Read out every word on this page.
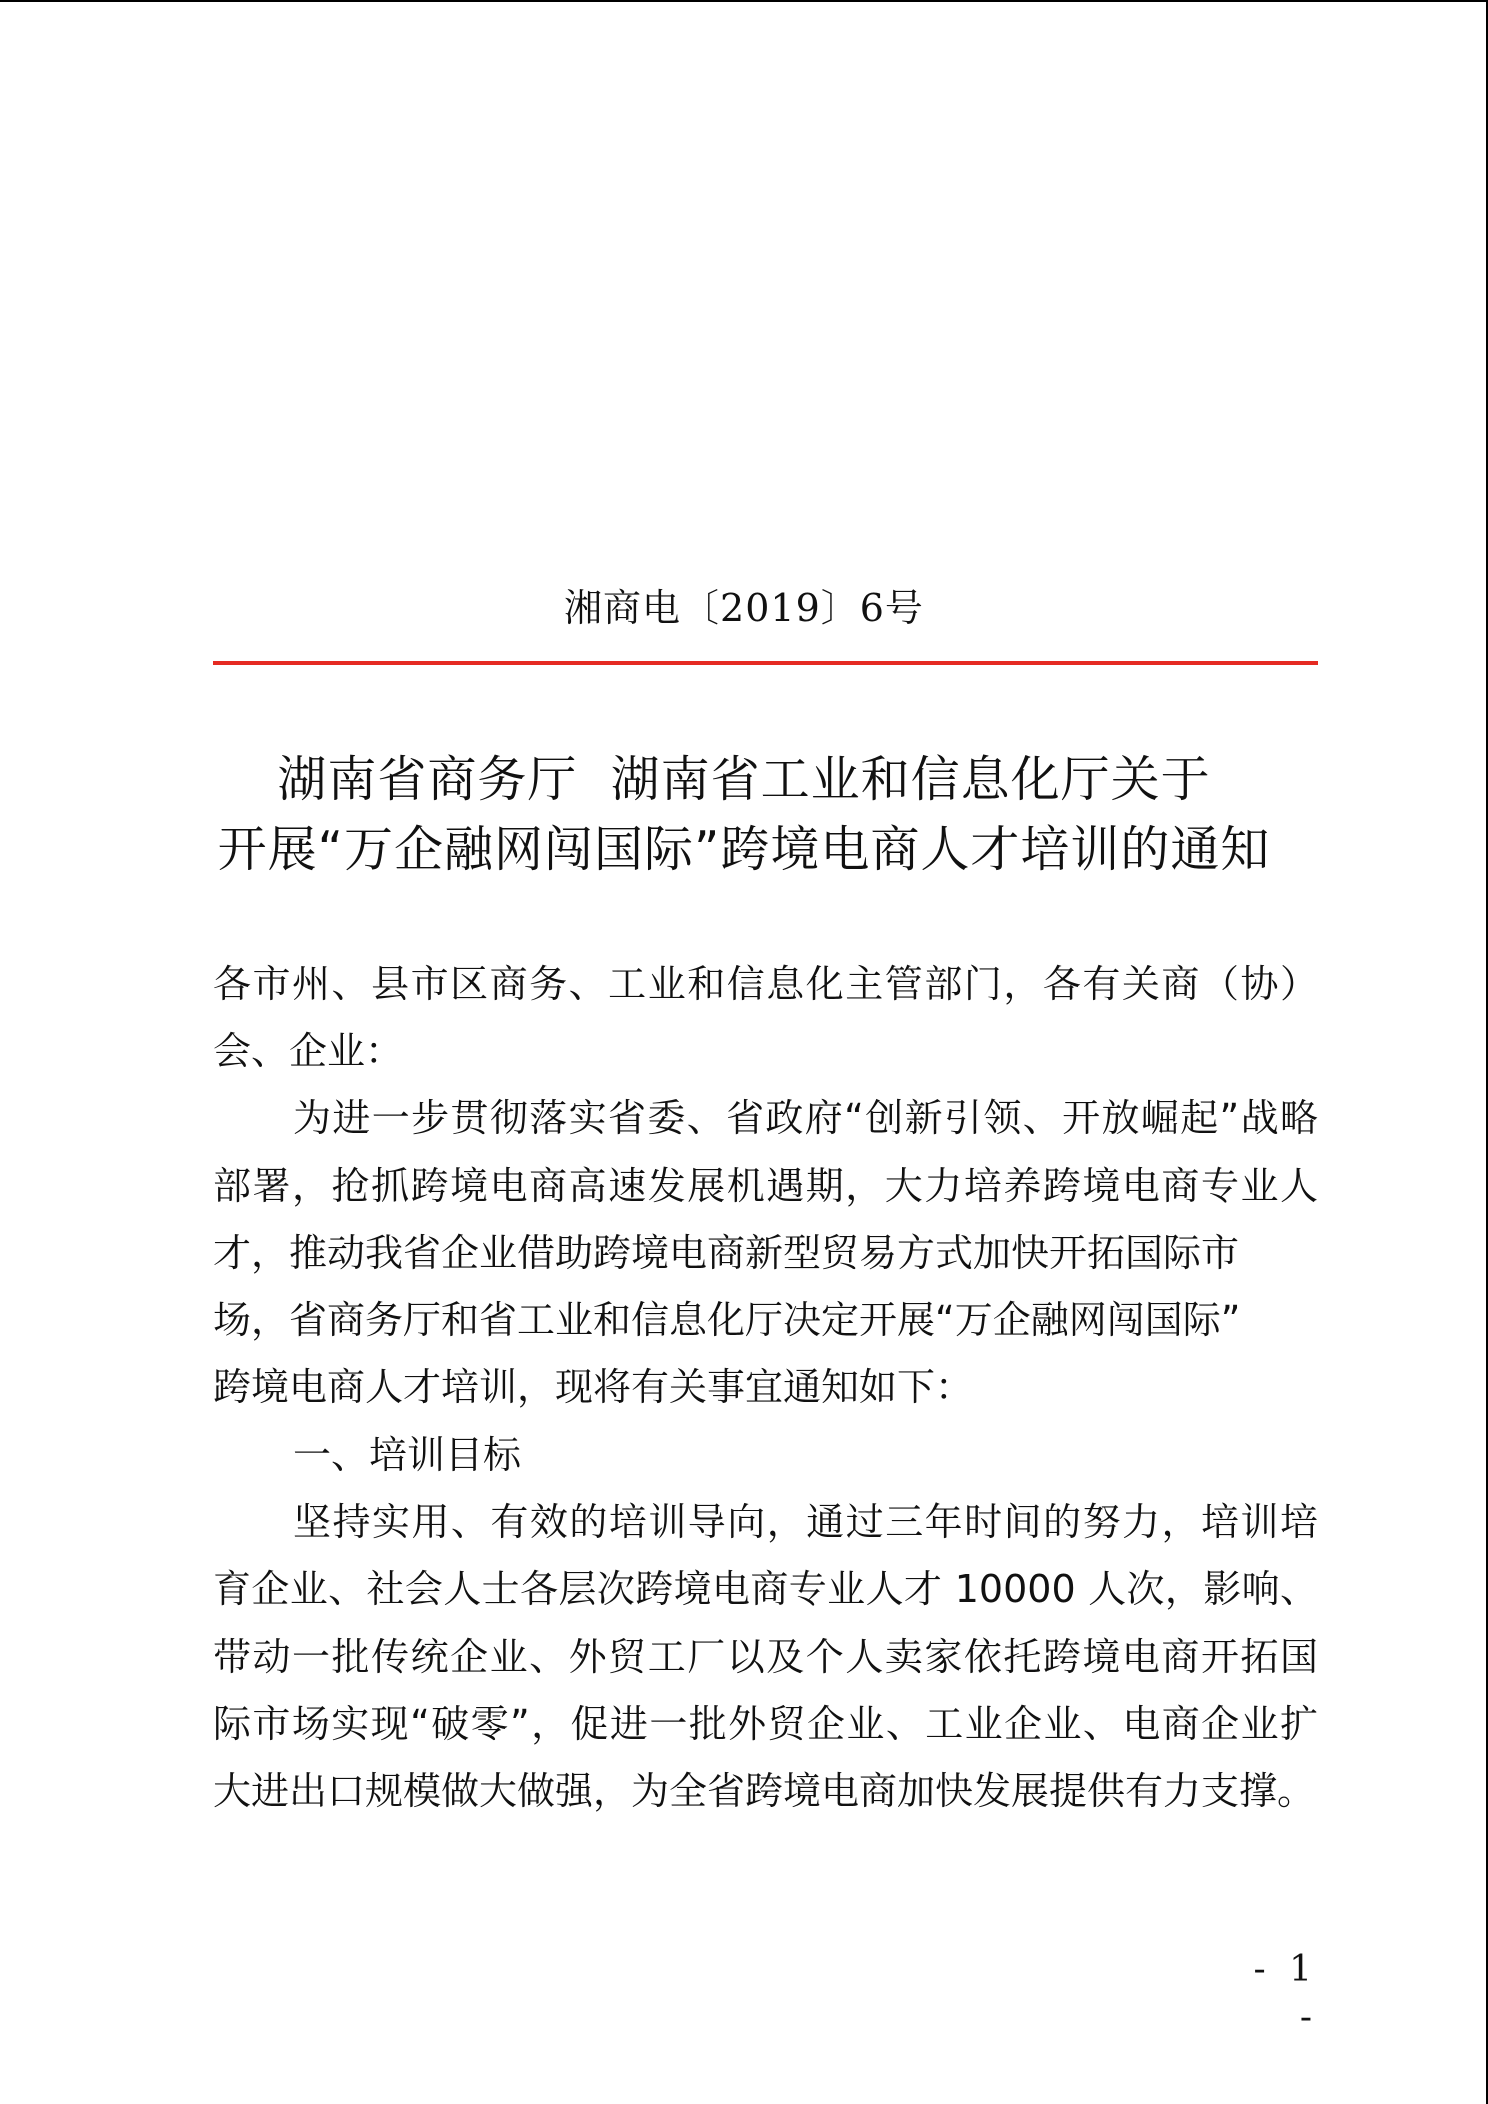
湘商电〔2019〕6号
湖南省商务厅  湖南省工业和信息化厅关于
开展“万企融网闯国际”跨境电商人才培训的通知
各市州、县市区商务、工业和信息化主管部门，各有关商（协）
会、企业：
为进一步贯彻落实省委、省政府“创新引领、开放崛起”战略
部署，抢抓跨境电商高速发展机遇期，大力培养跨境电商专业人
才，推动我省企业借助跨境电商新型贸易方式加快开拓国际市
场，省商务厅和省工业和信息化厅决定开展“万企融网闯国际”
跨境电商人才培训，现将有关事宜通知如下：
一、培训目标
坚持实用、有效的培训导向，通过三年时间的努力，培训培
育企业、社会人士各层次跨境电商专业人才 10000 人次，影响、
带动一批传统企业、外贸工厂以及个人卖家依托跨境电商开拓国
际市场实现“破零”，促进一批外贸企业、工业企业、电商企业扩
大进出口规模做大做强，为全省跨境电商加快发展提供有力支撑。
- 1 -
